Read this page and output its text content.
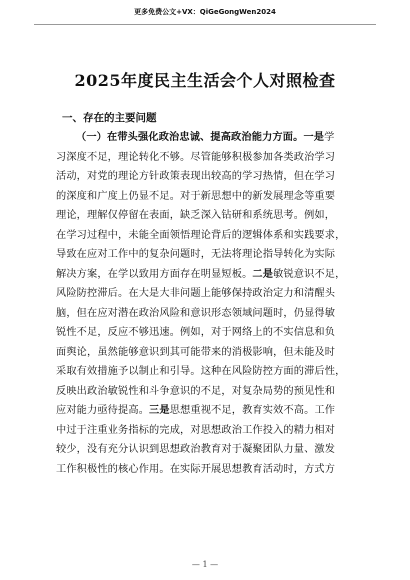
更多免费公文+VX：QiGeGongWen2024
2025年度民主生活会个人对照检查
一、存在的主要问题
（一）在带头强化政治忠诚、提高政治能力方面。一是学
习深度不足，理论转化不够。尽管能够积极参加各类政治学习
活动，对党的理论方针政策表现出较高的学习热情，但在学习
的深度和广度上仍显不足。对于新思想中的新发展理念等重要
理论，理解仅停留在表面，缺乏深入钻研和系统思考。例如，
在学习过程中，未能全面领悟理论背后的逻辑体系和实践要求，
导致在应对工作中的复杂问题时，无法将理论指导转化为实际
解决方案，在学以致用方面存在明显短板。二是敏锐意识不足，
风险防控滞后。在大是大非问题上能够保持政治定力和清醒头
脑，但在应对潜在政治风险和意识形态领域问题时，仍显得敏
锐性不足，反应不够迅速。例如，对于网络上的不实信息和负
面舆论，虽然能够意识到其可能带来的消极影响，但未能及时
采取有效措施予以制止和引导。这种在风险防控方面的滞后性，
反映出政治敏锐性和斗争意识的不足，对复杂局势的预见性和
应对能力亟待提高。三是思想重视不足，教育实效不高。工作
中过于注重业务指标的完成，对思想政治工作投入的精力相对
较少，没有充分认识到思想政治教育对于凝聚团队力量、激发
工作积极性的核心作用。在实际开展思想教育活动时，方式方
— 1 —
